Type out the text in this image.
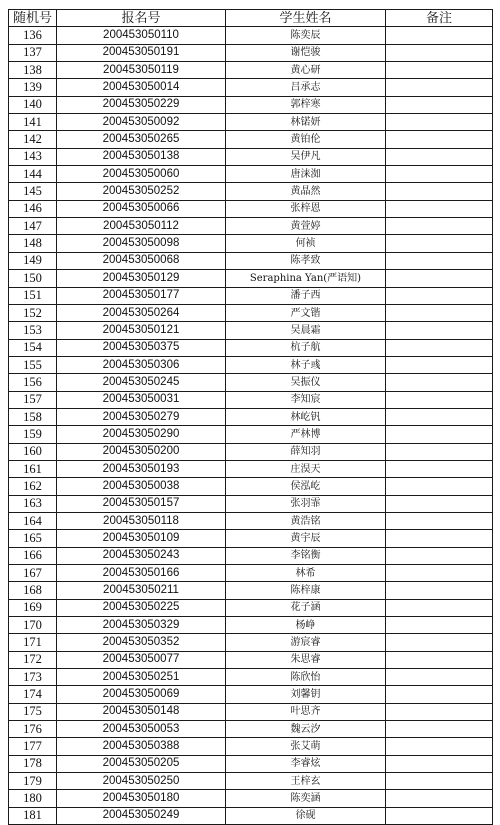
随机号	报名号	学生姓名	备注
136	200453050110	陈奕辰	
137	200453050191	谢恺骏	
138	200453050119	黄心研	
139	200453050014	吕承志	
140	200453050229	郭梓寒	
141	200453050092	林锘妍	
142	200453050265	黄铂伦	
143	200453050138	吴伊凡	
144	200453050060	唐涞洳	
145	200453050252	黄晶然	
146	200453050066	张梓恩	
147	200453050112	黄萱婷	
148	200453050098	何祯	
149	200453050068	陈孝致	
150	200453050129	Seraphina Yan(严语知)	
151	200453050177	潘子西	
152	200453050264	严文锴	
153	200453050121	吴晨霜	
154	200453050375	杭子航	
155	200453050306	林子彧	
156	200453050245	吴振仪	
157	200453050031	李知宸	
158	200453050279	林屹钒	
159	200453050290	严林博	
160	200453050200	薛知羽	
161	200453050193	庄淏天	
162	200453050038	侯泓屹	
163	200453050157	张羽霏	
164	200453050118	黄浩铭	
165	200453050109	黄宇辰	
166	200453050243	李铭衡	
167	200453050166	林希	
168	200453050211	陈梓康	
169	200453050225	花子涵	
170	200453050329	杨峥	
171	200453050352	游宸睿	
172	200453050077	朱思睿	
173	200453050251	陈欣怡	
174	200453050069	刘馨钥	
175	200453050148	叶思齐	
176	200453050053	魏云汐	
177	200453050388	张艾萌	
178	200453050205	李睿炫	
179	200453050250	王梓玄	
180	200453050180	陈奕涵	
181	200453050249	徐砚	
